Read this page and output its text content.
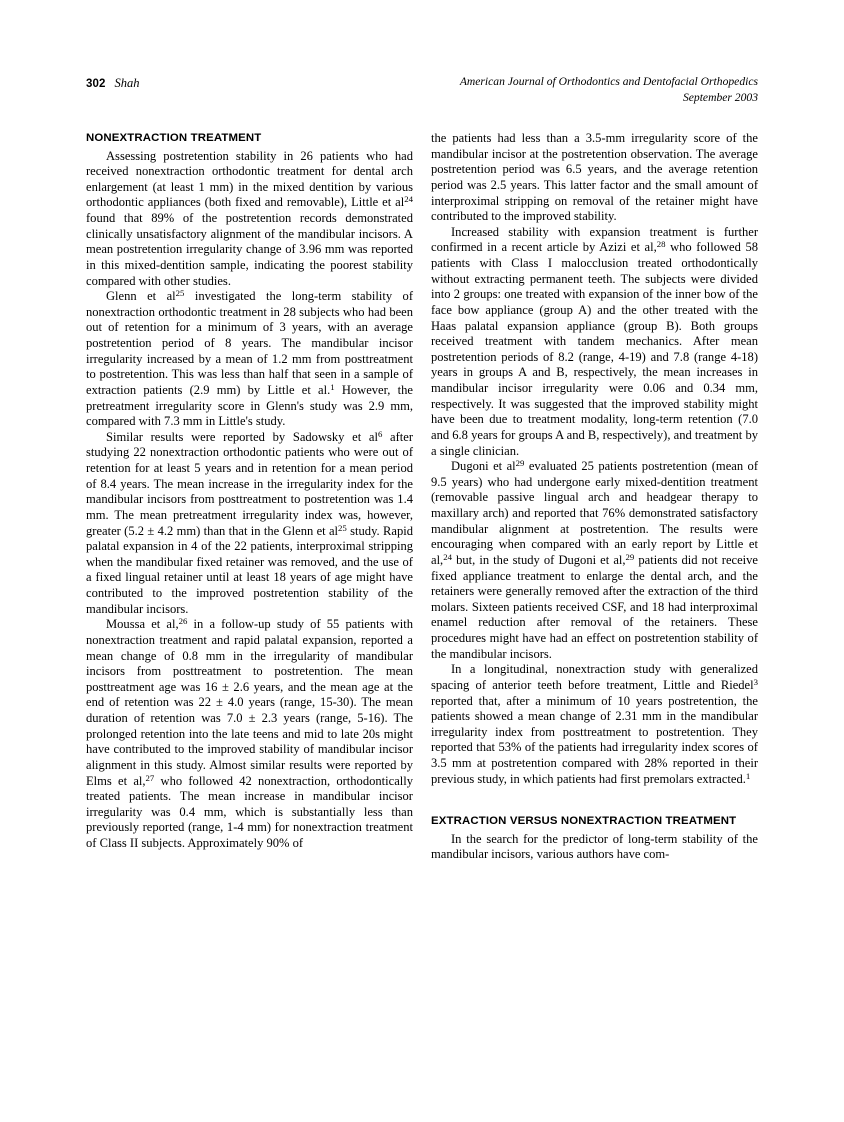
302 Shah	American Journal of Orthodontics and Dentofacial Orthopedics
September 2003
NONEXTRACTION TREATMENT

Assessing postretention stability in 26 patients who had received nonextraction orthodontic treatment for dental arch enlargement (at least 1 mm) in the mixed dentition by various orthodontic appliances (both fixed and removable), Little et $al^{24}$ found that 89% of the postretention records demonstrated clinically unsatisfactory alignment of the mandibular incisors. A mean postretention irregularity change of 3.96 mm was reported in this mixed-dentition sample, indicating the poorest stability compared with other studies.

Glenn et $al^{25}$ investigated the long-term stability of nonextraction orthodontic treatment in 28 subjects who had been out of retention for a minimum of 3 years, with an average postretention period of 8 years. The mandibular incisor irregularity increased by a mean of 1.2 mm from posttreatment to postretention. This was less than half that seen in a sample of extraction patients (2.9 mm) by Little et al.$^1$ However, the pretreatment irregularity score in Glenn's study was 2.9 mm, compared with 7.3 mm in Little's study.

Similar results were reported by Sadowsky et $al^6$ after studying 22 nonextraction orthodontic patients who were out of retention for at least 5 years and in retention for a mean period of 8.4 years. The mean increase in the irregularity index for the mandibular incisors from posttreatment to postretention was 1.4 mm. The mean pretreatment irregularity index was, however, greater (5.2 ± 4.2 mm) than that in the Glenn et $al^{25}$ study. Rapid palatal expansion in 4 of the 22 patients, interproximal stripping when the mandibular fixed retainer was removed, and the use of a fixed lingual retainer until at least 18 years of age might have contributed to the improved postretention stability of the mandibular incisors.

Moussa et al,$^{26}$ in a follow-up study of 55 patients with nonextraction treatment and rapid palatal expansion, reported a mean change of 0.8 mm in the irregularity of mandibular incisors from posttreatment to postretention. The mean posttreatment age was 16 ± 2.6 years, and the mean age at the end of retention was 22 ± 4.0 years (range, 15-30). The mean duration of retention was 7.0 ± 2.3 years (range, 5-16). The prolonged retention into the late teens and mid to late 20s might have contributed to the improved stability of mandibular incisor alignment in this study. Almost similar results were reported by Elms et al,$^{27}$ who followed 42 nonextraction, orthodontically treated patients. The mean increase in mandibular incisor irregularity was 0.4 mm, which is substantially less than previously reported (range, 1-4 mm) for nonextraction treatment of Class II subjects. Approximately 90% of

the patients had less than a 3.5-mm irregularity score of the mandibular incisor at the postretention observation. The average postretention period was 6.5 years, and the average retention period was 2.5 years. This latter factor and the small amount of interproximal stripping on removal of the retainer might have contributed to the improved stability.

Increased stability with expansion treatment is further confirmed in a recent article by Azizi et al,$^{28}$ who followed 58 patients with Class I malocclusion treated orthodontically without extracting permanent teeth. The subjects were divided into 2 groups: one treated with expansion of the inner bow of the face bow appliance (group A) and the other treated with the Haas palatal expansion appliance (group B). Both groups received treatment with tandem mechanics. After mean postretention periods of 8.2 (range, 4-19) and 7.8 (range 4-18) years in groups A and B, respectively, the mean increases in mandibular incisor irregularity were 0.06 and 0.34 mm, respectively. It was suggested that the improved stability might have been due to treatment modality, long-term retention (7.0 and 6.8 years for groups A and B, respectively), and treatment by a single clinician.

Dugoni et $al^{29}$ evaluated 25 patients postretention (mean of 9.5 years) who had undergone early mixed-dentition treatment (removable passive lingual arch and headgear therapy to maxillary arch) and reported that 76% demonstrated satisfactory mandibular alignment at postretention. The results were encouraging when compared with an early report by Little et al,$^{24}$ but, in the study of Dugoni et al,$^{29}$ patients did not receive fixed appliance treatment to enlarge the dental arch, and the retainers were generally removed after the extraction of the third molars. Sixteen patients received CSF, and 18 had interproximal enamel reduction after removal of the retainers. These procedures might have had an effect on postretention stability of the mandibular incisors.

In a longitudinal, nonextraction study with generalized spacing of anterior teeth before treatment, Little and Riedel$^3$ reported that, after a minimum of 10 years postretention, the patients showed a mean change of 2.31 mm in the mandibular irregularity index from posttreatment to postretention. They reported that 53% of the patients had irregularity index scores of 3.5 mm at postretention compared with 28% reported in their previous study, in which patients had first premolars extracted.$^1$

EXTRACTION VERSUS NONEXTRACTION TREATMENT

In the search for the predictor of long-term stability of the mandibular incisors, various authors have com-
